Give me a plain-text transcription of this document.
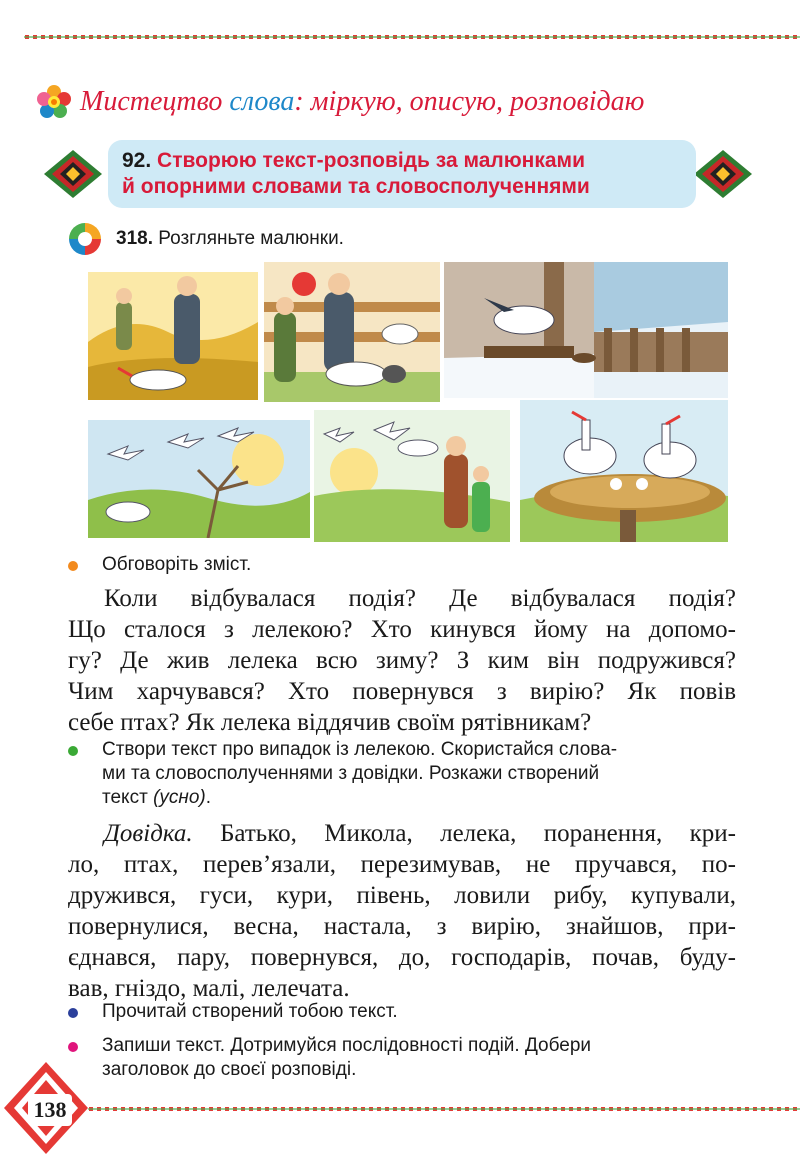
Мистецтво слова: міркую, описую, розповідаю
92. Створюю текст-розповідь за малюнками
й опорними словами та словосполученнями
318. Розгляньте малюнки.
Обговоріть зміст.
Коли відбувалася подія? Де відбувалася подія?
Що сталося з лелекою? Хто кинувся йому на допомо-
гу? Де жив лелека всю зиму? З ким він подружився?
Чим харчувався? Хто повернувся з вирію? Як повів
себе птах? Як лелека віддячив своїм рятівникам?
Створи текст про випадок із лелекою. Скористайся слова-
ми та словосполученнями з довідки. Розкажи створений
текст (усно).
Довідка. Батько, Микола, лелека, поранення, кри-
ло, птах, перев’язали, перезимував, не пручався, по-
дружився, гуси, кури, півень, ловили рибу, купували,
повернулися, весна, настала, з вирію, знайшов, при-
єднався, пару, повернувся, до, господарів, почав, буду-
вав, гніздо, малі, лелечата.
Прочитай створений тобою текст.
Запиши текст. Дотримуйся послідовності подій. Добери
заголовок до своєї розповіді.
138
